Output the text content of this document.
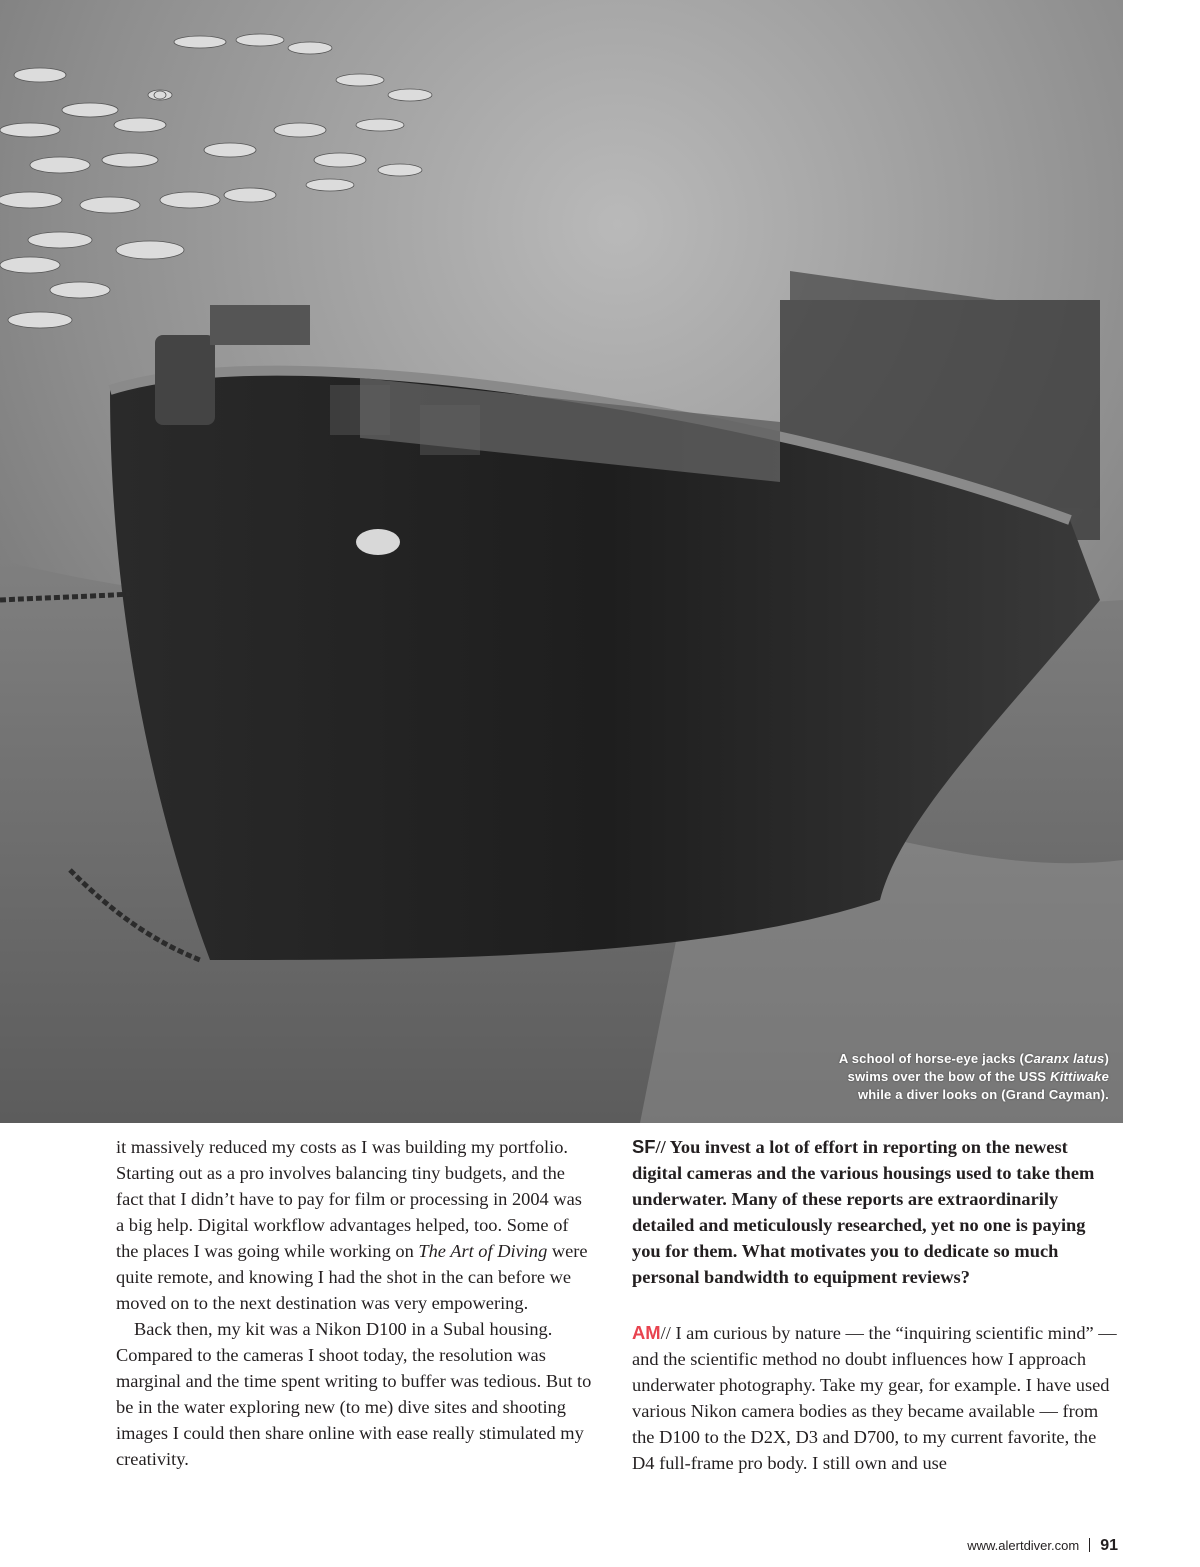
A school of horse-eye jacks (Caranx latus)
swims over the bow of the USS Kittiwake
while a diver looks on (Grand Cayman).

it massively reduced my costs as I was building my portfolio. Starting out as a pro involves balancing tiny budgets, and the fact that I didn’t have to pay for film or processing in 2004 was a big help. Digital workflow advantages helped, too. Some of the places I was going while working on The Art of Diving were quite remote, and knowing I had the shot in the can before we moved on to the next destination was very empowering.

Back then, my kit was a Nikon D100 in a Subal housing. Compared to the cameras I shoot today, the resolution was marginal and the time spent writing to buffer was tedious. But to be in the water exploring new (to me) dive sites and shooting images I could then share online with ease really stimulated my creativity.

SF// You invest a lot of effort in reporting on the newest digital cameras and the various housings used to take them underwater. Many of these reports are extraordinarily detailed and meticulously researched, yet no one is paying you for them. What motivates you to dedicate so much personal bandwidth to equipment reviews?

AM// I am curious by nature — the “inquiring scientific mind” — and the scientific method no doubt influences how I approach underwater photography. Take my gear, for example. I have used various Nikon camera bodies as they became available — from the D100 to the D2X, D3 and D700, to my current favorite, the D4 full-frame pro body. I still own and use

www.alertdiver.com 91
